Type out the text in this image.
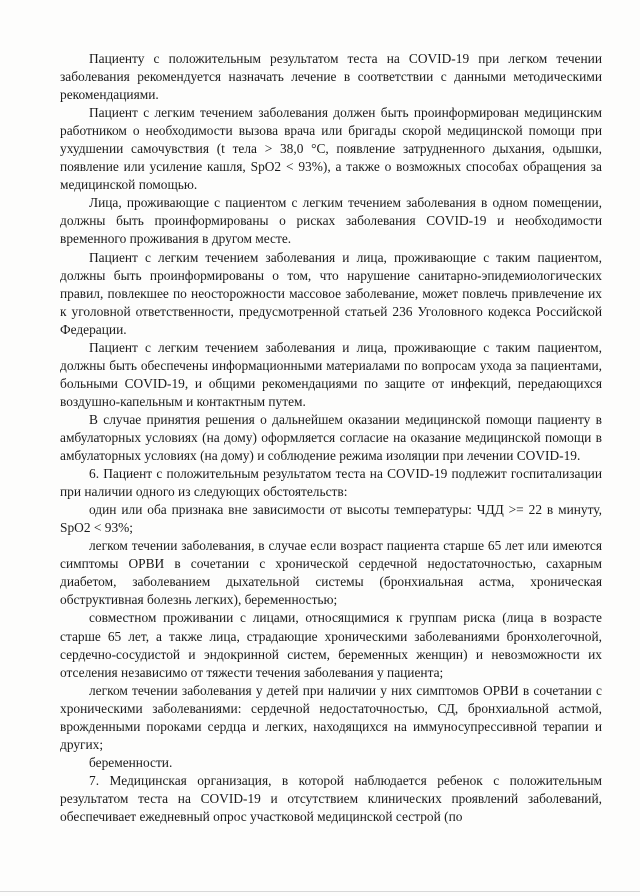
Пациенту с положительным результатом теста на COVID-19 при легком течении заболевания рекомендуется назначать лечение в соответствии с данными методическими рекомендациями.

Пациент с легким течением заболевания должен быть проинформирован медицинским работником о необходимости вызова врача или бригады скорой медицинской помощи при ухудшении самочувствия (t тела > 38,0 °C, появление затрудненного дыхания, одышки, появление или усиление кашля, SpO2 < 93%), а также о возможных способах обращения за медицинской помощью.

Лица, проживающие с пациентом с легким течением заболевания в одном помещении, должны быть проинформированы о рисках заболевания COVID-19 и необходимости временного проживания в другом месте.

Пациент с легким течением заболевания и лица, проживающие с таким пациентом, должны быть проинформированы о том, что нарушение санитарно-эпидемиологических правил, повлекшее по неосторожности массовое заболевание, может повлечь привлечение их к уголовной ответственности, предусмотренной статьей 236 Уголовного кодекса Российской Федерации.

Пациент с легким течением заболевания и лица, проживающие с таким пациентом, должны быть обеспечены информационными материалами по вопросам ухода за пациентами, больными COVID-19, и общими рекомендациями по защите от инфекций, передающихся воздушно-капельным и контактным путем.

В случае принятия решения о дальнейшем оказании медицинской помощи пациенту в амбулаторных условиях (на дому) оформляется согласие на оказание медицинской помощи в амбулаторных условиях (на дому) и соблюдение режима изоляции при лечении COVID-19.

6. Пациент с положительным результатом теста на COVID-19 подлежит госпитализации при наличии одного из следующих обстоятельств:

один или оба признака вне зависимости от высоты температуры: ЧДД >= 22 в минуту, SpO2 < 93%;

легком течении заболевания, в случае если возраст пациента старше 65 лет или имеются симптомы ОРВИ в сочетании с хронической сердечной недостаточностью, сахарным диабетом, заболеванием дыхательной системы (бронхиальная астма, хроническая обструктивная болезнь легких), беременностью;

совместном проживании с лицами, относящимися к группам риска (лица в возрасте старше 65 лет, а также лица, страдающие хроническими заболеваниями бронхолегочной, сердечно-сосудистой и эндокринной систем, беременных женщин) и невозможности их отселения независимо от тяжести течения заболевания у пациента;

легком течении заболевания у детей при наличии у них симптомов ОРВИ в сочетании с хроническими заболеваниями: сердечной недостаточностью, СД, бронхиальной астмой, врожденными пороками сердца и легких, находящихся на иммуносупрессивной терапии и других;

беременности.

7. Медицинская организация, в которой наблюдается ребенок с положительным результатом теста на COVID-19 и отсутствием клинических проявлений заболеваний, обеспечивает ежедневный опрос участковой медицинской сестрой (по
